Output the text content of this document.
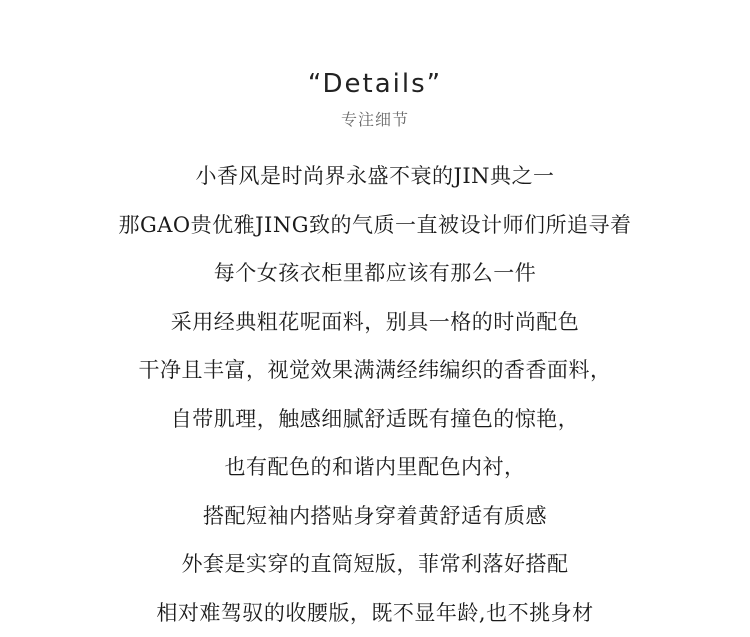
“Details”
专注细节
小香风是时尚界永盛不衰的JIN典之一
那GAO贵优雅JING致的气质一直被设计师们所追寻着
每个女孩衣柜里都应该有那么一件
采用经典粗花呢面料，别具一格的时尚配色
干净且丰富，视觉效果满满经纬编织的香香面料，
自带肌理，触感细腻舒适既有撞色的惊艳，
也有配色的和谐内里配色内衬，
搭配短袖内搭贴身穿着黄舒适有质感
外套是实穿的直筒短版，菲常利落好搭配
相对难驾驭的收腰版，既不显年龄,也不挑身材
